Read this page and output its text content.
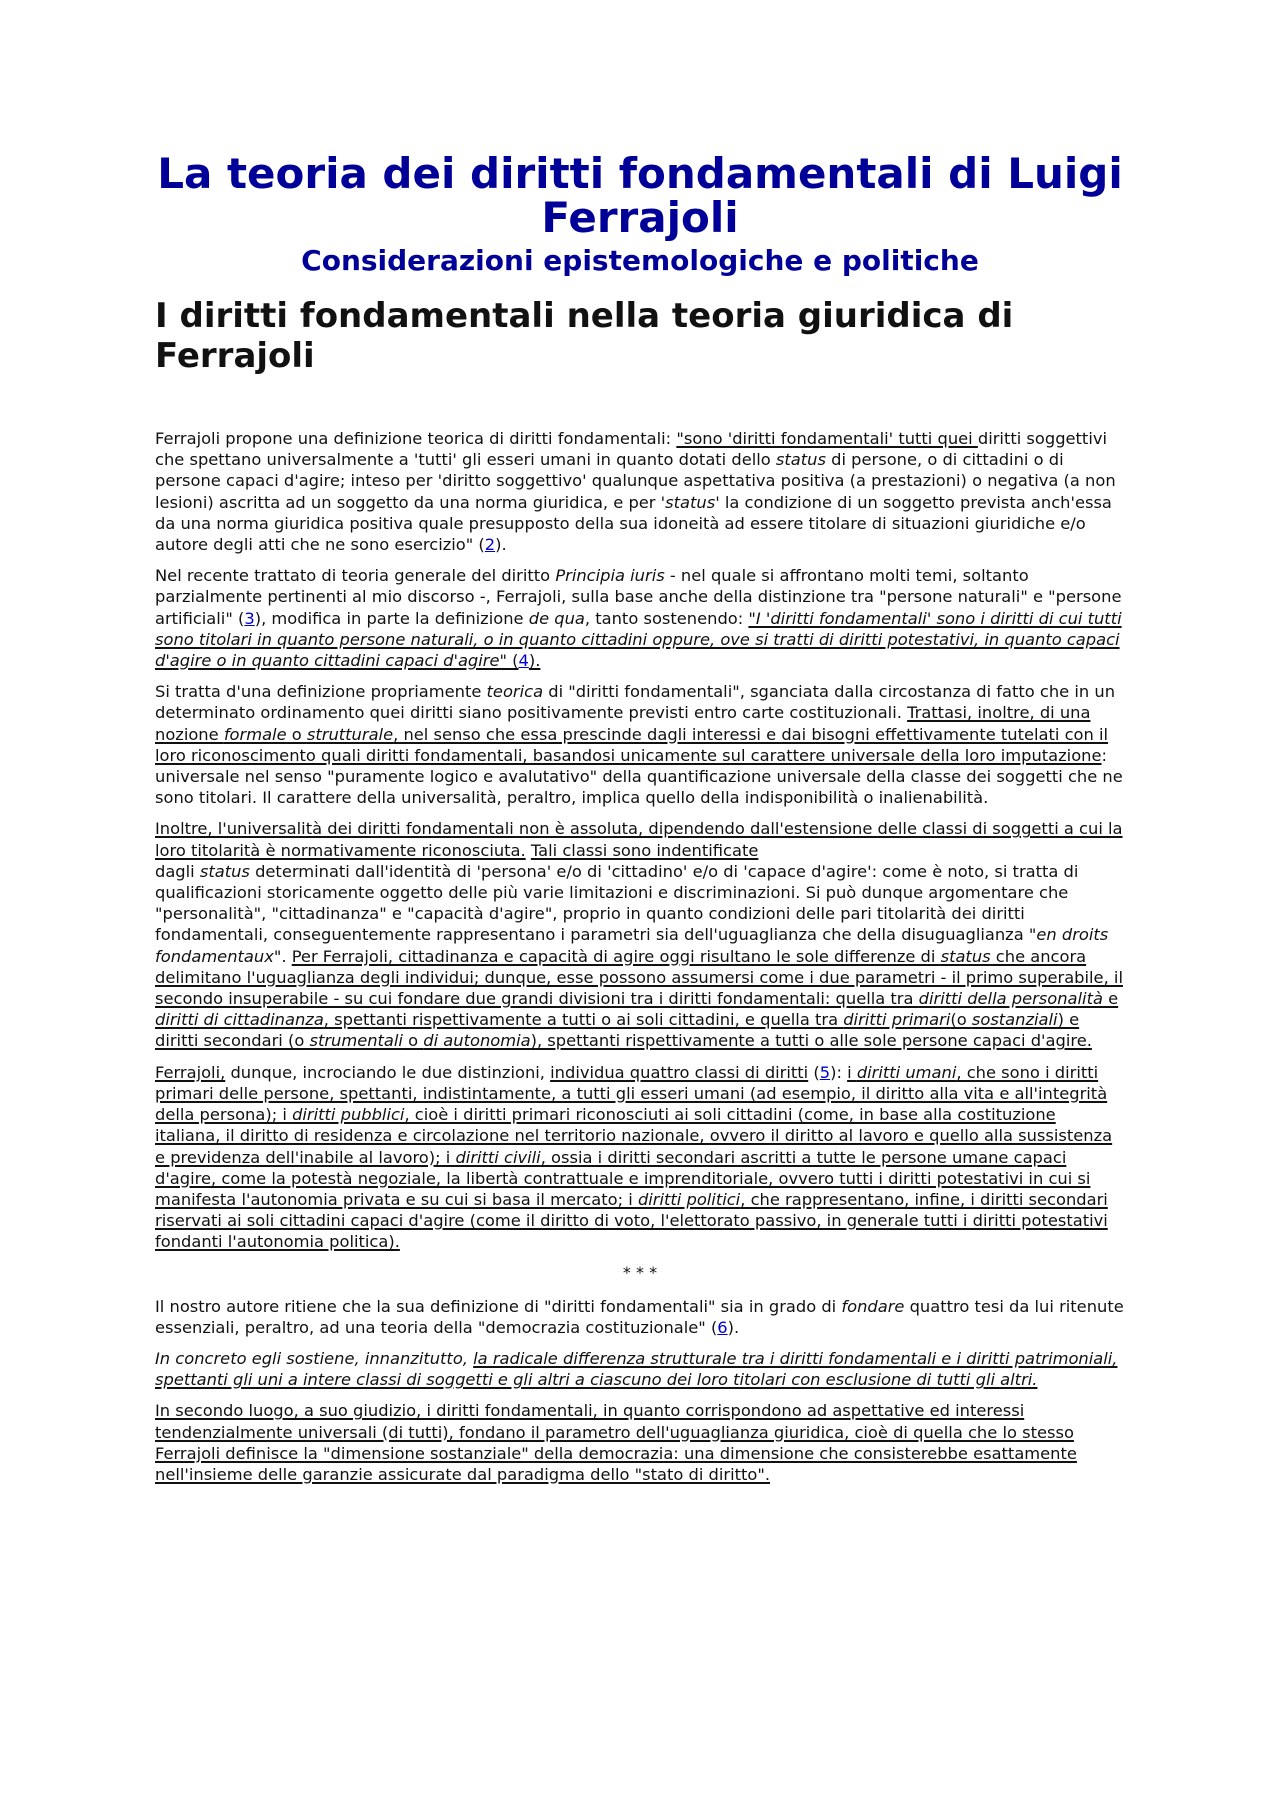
La teoria dei diritti fondamentali di Luigi Ferrajoli
Considerazioni epistemologiche e politiche
I diritti fondamentali nella teoria giuridica di Ferrajoli

Ferrajoli propone una definizione teorica di diritti fondamentali: "sono 'diritti fondamentali' tutti quei diritti soggettivi che spettano universalmente a 'tutti' gli esseri umani in quanto dotati dello status di persone, o di cittadini o di persone capaci d'agire; inteso per 'diritto soggettivo' qualunque aspettativa positiva (a prestazioni) o negativa (a non lesioni) ascritta ad un soggetto da una norma giuridica, e per 'status' la condizione di un soggetto prevista anch'essa da una norma giuridica positiva quale presupposto della sua idoneità ad essere titolare di situazioni giuridiche e/o autore degli atti che ne sono esercizio" (2).

Nel recente trattato di teoria generale del diritto Principia iuris - nel quale si affrontano molti temi, soltanto parzialmente pertinenti al mio discorso -, Ferrajoli, sulla base anche della distinzione tra "persone naturali" e "persone artificiali" (3), modifica in parte la definizione de qua, tanto sostenendo: "I 'diritti fondamentali' sono i diritti di cui tutti sono titolari in quanto persone naturali, o in quanto cittadini oppure, ove si tratti di diritti potestativi, in quanto capaci d'agire o in quanto cittadini capaci d'agire" (4).

Si tratta d'una definizione propriamente teorica di "diritti fondamentali", sganciata dalla circostanza di fatto che in un determinato ordinamento quei diritti siano positivamente previsti entro carte costituzionali. Trattasi, inoltre, di una nozione formale o strutturale, nel senso che essa prescinde dagli interessi e dai bisogni effettivamente tutelati con il loro riconoscimento quali diritti fondamentali, basandosi unicamente sul carattere universale della loro imputazione: universale nel senso "puramente logico e avalutativo" della quantificazione universale della classe dei soggetti che ne sono titolari. Il carattere della universalità, peraltro, implica quello della indisponibilità o inalienabilità.

Inoltre, l'universalità dei diritti fondamentali non è assoluta, dipendendo dall'estensione delle classi di soggetti a cui la loro titolarità è normativamente riconosciuta. Tali classi sono indentificate
dagli status determinati dall'identità di 'persona' e/o di 'cittadino' e/o di 'capace d'agire': come è noto, si tratta di qualificazioni storicamente oggetto delle più varie limitazioni e discriminazioni. Si può dunque argomentare che "personalità", "cittadinanza" e "capacità d'agire", proprio in quanto condizioni delle pari titolarità dei diritti fondamentali, conseguentemente rappresentano i parametri sia dell'uguaglianza che della disuguaglianza "en droits fondamentaux". Per Ferrajoli, cittadinanza e capacità di agire oggi risultano le sole differenze di status che ancora delimitano l'uguaglianza degli individui; dunque, esse possono assumersi come i due parametri - il primo superabile, il secondo insuperabile - su cui fondare due grandi divisioni tra i diritti fondamentali: quella tra diritti della personalità e diritti di cittadinanza, spettanti rispettivamente a tutti o ai soli cittadini, e quella tra diritti primari(o sostanziali) e diritti secondari (o strumentali o di autonomia), spettanti rispettivamente a tutti o alle sole persone capaci d'agire.

Ferrajoli, dunque, incrociando le due distinzioni, individua quattro classi di diritti (5): i diritti umani, che sono i diritti primari delle persone, spettanti, indistintamente, a tutti gli esseri umani (ad esempio, il diritto alla vita e all'integrità della persona); i diritti pubblici, cioè i diritti primari riconosciuti ai soli cittadini (come, in base alla costituzione italiana, il diritto di residenza e circolazione nel territorio nazionale, ovvero il diritto al lavoro e quello alla sussistenza e previdenza dell'inabile al lavoro); i diritti civili, ossia i diritti secondari ascritti a tutte le persone umane capaci d'agire, come la potestà negoziale, la libertà contrattuale e imprenditoriale, ovvero tutti i diritti potestativi in cui si manifesta l'autonomia privata e su cui si basa il mercato; i diritti politici, che rappresentano, infine, i diritti secondari riservati ai soli cittadini capaci d'agire (come il diritto di voto, l'elettorato passivo, in generale tutti i diritti potestativi fondanti l'autonomia politica).

* * *

Il nostro autore ritiene che la sua definizione di "diritti fondamentali" sia in grado di fondare quattro tesi da lui ritenute essenziali, peraltro, ad una teoria della "democrazia costituzionale" (6).

In concreto egli sostiene, innanzitutto, la radicale differenza strutturale tra i diritti fondamentali e i diritti patrimoniali, spettanti gli uni a intere classi di soggetti e gli altri a ciascuno dei loro titolari con esclusione di tutti gli altri.

In secondo luogo, a suo giudizio, i diritti fondamentali, in quanto corrispondono ad aspettative ed interessi tendenzialmente universali (di tutti), fondano il parametro dell'uguaglianza giuridica, cioè di quella che lo stesso Ferrajoli definisce la "dimensione sostanziale" della democrazia: una dimensione che consisterebbe esattamente nell'insieme delle garanzie assicurate dal paradigma dello "stato di diritto".
